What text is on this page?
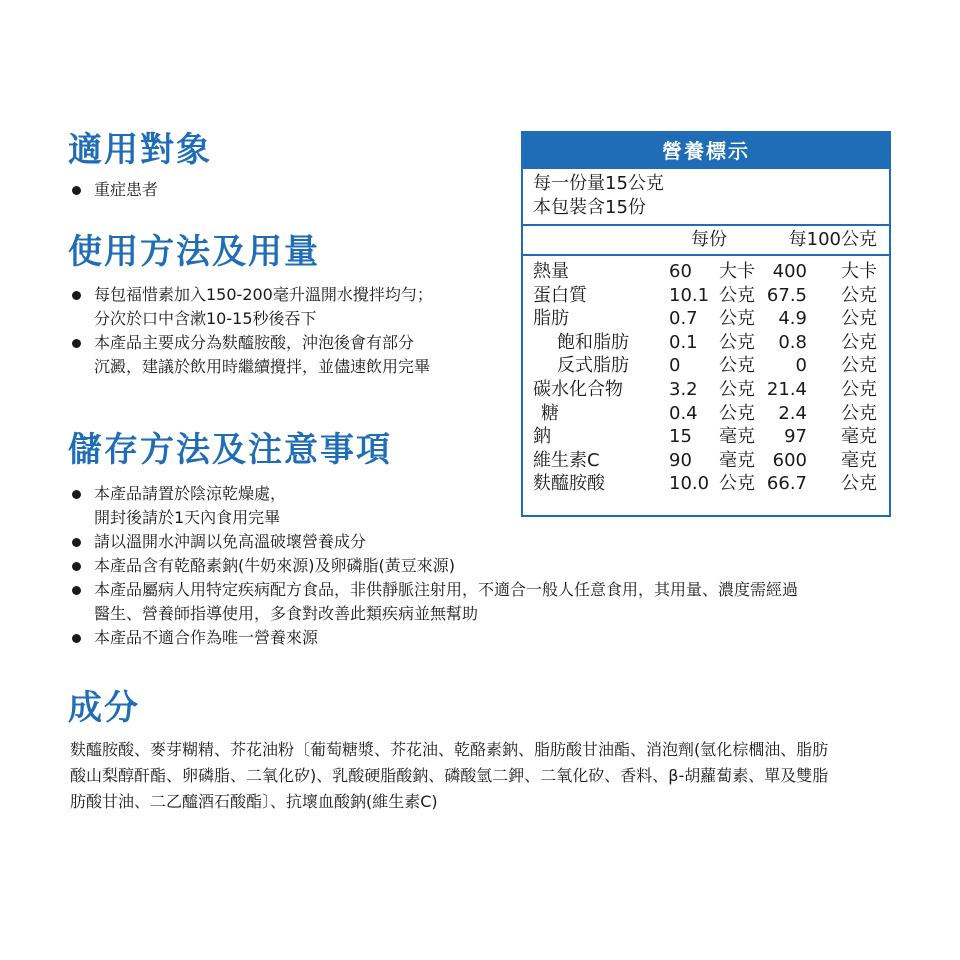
適用對象
重症患者
使用方法及用量
每包福惜素加入150-200毫升溫開水攪拌均勻；
分次於口中含漱10-15秒後吞下
本產品主要成分為麩醯胺酸，沖泡後會有部分
沉澱，建議於飲用時繼續攪拌，並儘速飲用完畢
儲存方法及注意事項
本產品請置於陰涼乾燥處，
開封後請於1天內食用完畢
請以溫開水沖調以免高溫破壞營養成分
本產品含有乾酪素鈉(牛奶來源)及卵磷脂(黃豆來源)
本產品屬病人用特定疾病配方食品，非供靜脈注射用，不適合一般人任意食用，其用量、濃度需經過
醫生、營養師指導使用，多食對改善此類疾病並無幫助
本產品不適合作為唯一營養來源
成分

麩醯胺酸、麥芽糊精、芥花油粉〔葡萄糖漿、芥花油、乾酪素鈉、脂肪酸甘油酯、消泡劑(氫化棕櫚油、脂肪
酸山梨醇酐酯、卵磷脂、二氧化矽)、乳酸硬脂酸鈉、磷酸氫二鉀、二氧化矽、香料、β-胡蘿蔔素、單及雙脂
肪酸甘油、二乙醯酒石酸酯〕、抗壞血酸鈉(維生素C)

營養標示
每一份量15公克
本包裝含15份
每份	每100公克
熱量	60 大卡 400 大卡
蛋白質	10.1 公克 67.5 公克
脂肪	0.7 公克 4.9 公克
飽和脂肪 0.1 公克 0.8 公克
反式脂肪 0 公克 0 公克
碳水化合物	3.2 公克 21.4 公克
糖	0.4 公克 2.4 公克
鈉	15 毫克 97 毫克
維生素C	90 毫克 600 毫克
麩醯胺酸	10.0 公克 66.7 公克
